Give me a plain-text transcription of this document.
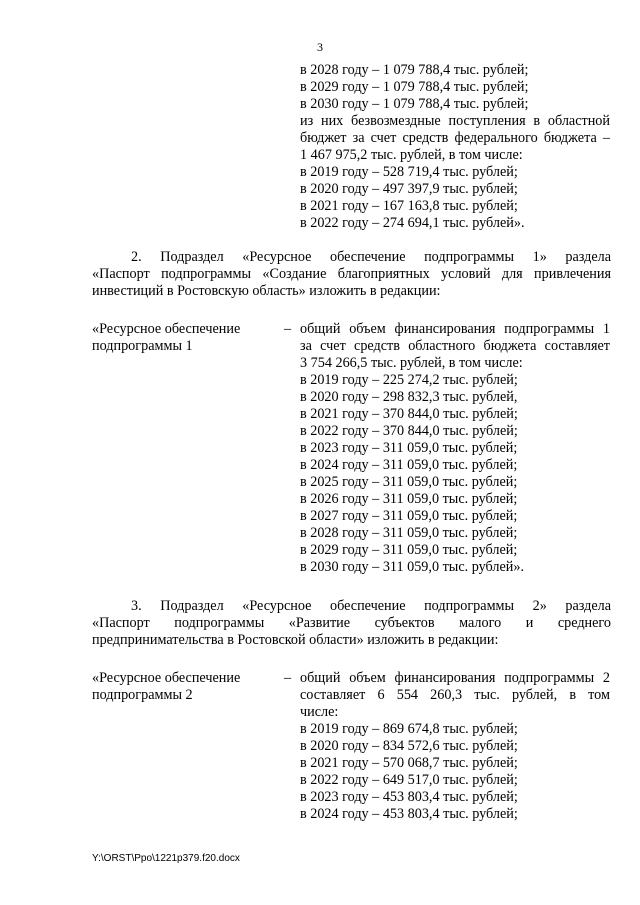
3
в 2028 году – 1 079 788,4 тыс. рублей;
в 2029 году – 1 079 788,4 тыс. рублей;
в 2030 году – 1 079 788,4 тыс. рублей;
из них безвозмездные поступления в областной
бюджет за счет средств федерального бюджета –
1 467 975,2 тыс. рублей, в том числе:
в 2019 году – 528 719,4 тыс. рублей;
в 2020 году – 497 397,9 тыс. рублей;
в 2021 году – 167 163,8 тыс. рублей;
в 2022 году – 274 694,1 тыс. рублей».
2. Подраздел «Ресурсное обеспечение подпрограммы 1» раздела
«Паспорт подпрограммы «Создание благоприятных условий для привлечения
инвестиций в Ростовскую область» изложить в редакции:
«Ресурсное обеспечение
подпрограммы 1
– общий объем финансирования подпрограммы 1
за счет средств областного бюджета составляет
3 754 266,5 тыс. рублей, в том числе:
в 2019 году – 225 274,2 тыс. рублей;
в 2020 году – 298 832,3 тыс. рублей,
в 2021 году – 370 844,0 тыс. рублей;
в 2022 году – 370 844,0 тыс. рублей;
в 2023 году – 311 059,0 тыс. рублей;
в 2024 году – 311 059,0 тыс. рублей;
в 2025 году – 311 059,0 тыс. рублей;
в 2026 году – 311 059,0 тыс. рублей;
в 2027 году – 311 059,0 тыс. рублей;
в 2028 году – 311 059,0 тыс. рублей;
в 2029 году – 311 059,0 тыс. рублей;
в 2030 году – 311 059,0 тыс. рублей».
3. Подраздел «Ресурсное обеспечение подпрограммы 2» раздела
«Паспорт подпрограммы «Развитие субъектов малого и среднего
предпринимательства в Ростовской области» изложить в редакции:
«Ресурсное обеспечение
подпрограммы 2
– общий объем финансирования подпрограммы 2
составляет 6 554 260,3 тыс. рублей, в том
числе:
в 2019 году – 869 674,8 тыс. рублей;
в 2020 году – 834 572,6 тыс. рублей;
в 2021 году – 570 068,7 тыс. рублей;
в 2022 году – 649 517,0 тыс. рублей;
в 2023 году – 453 803,4 тыс. рублей;
в 2024 году – 453 803,4 тыс. рублей;
Y:\ORST\Ppo\1221p379.f20.docx
